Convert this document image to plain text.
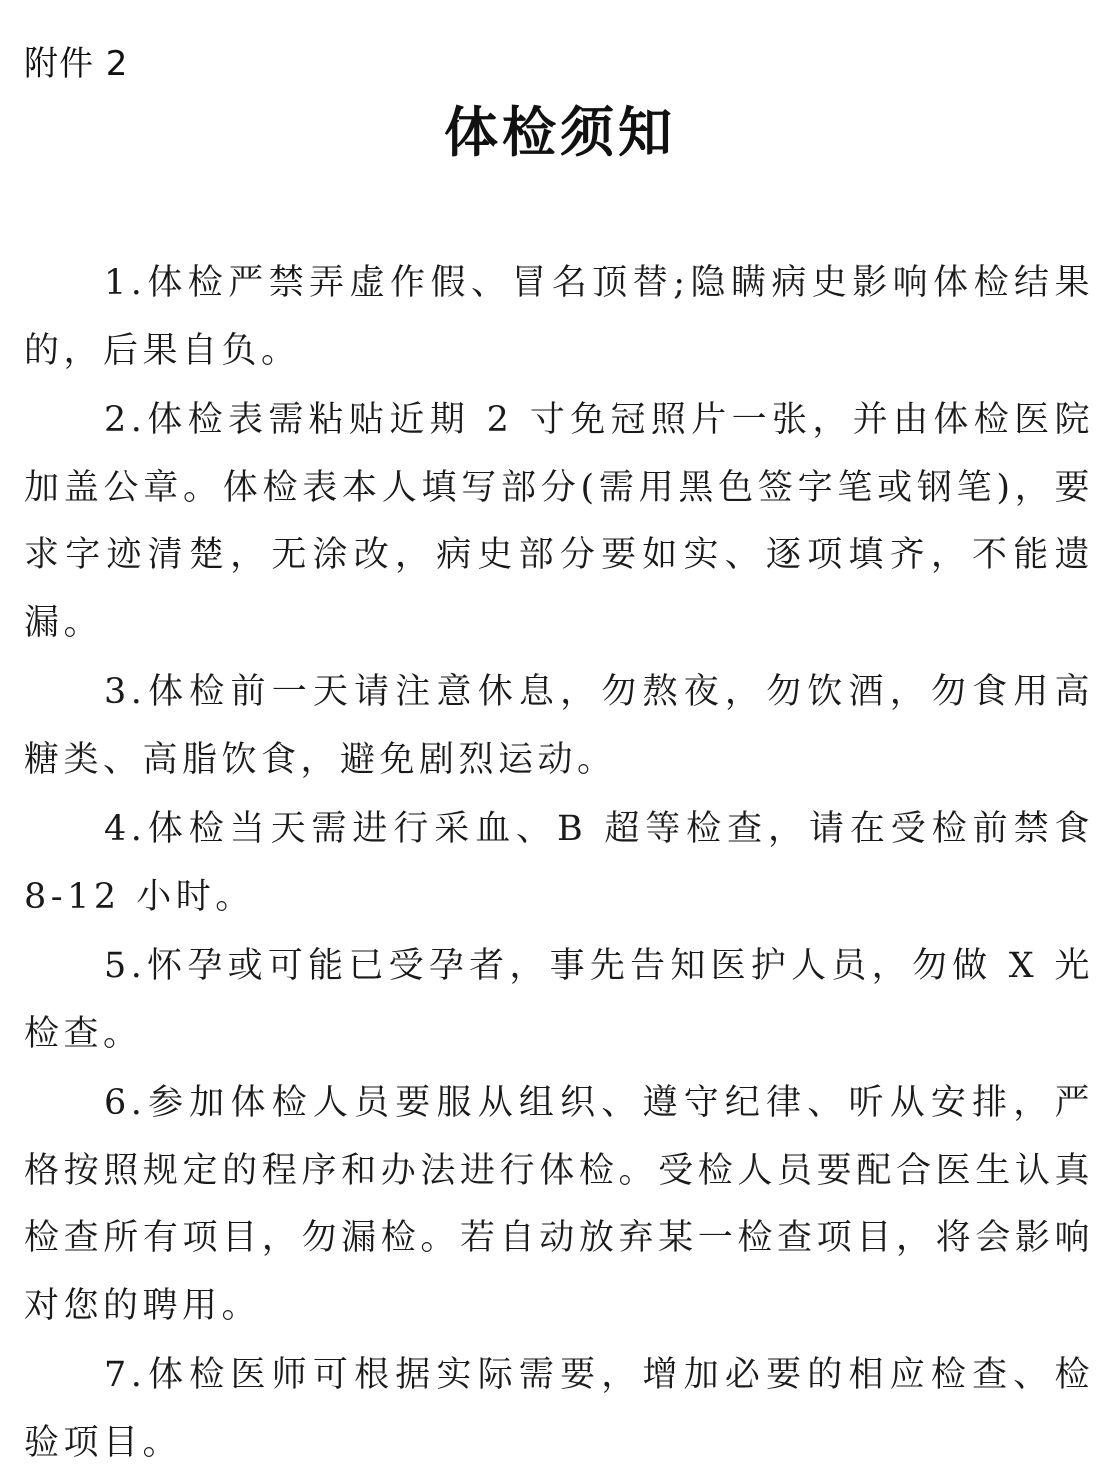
附件 2
体检须知

1.体检严禁弄虚作假、冒名顶替;隐瞒病史影响体检结果的，后果自负。

2.体检表需粘贴近期 2 寸免冠照片一张，并由体检医院加盖公章。体检表本人填写部分(需用黑色签字笔或钢笔)，要求字迹清楚，无涂改，病史部分要如实、逐项填齐，不能遗漏。

3.体检前一天请注意休息，勿熬夜，勿饮酒，勿食用高糖类、高脂饮食，避免剧烈运动。

4.体检当天需进行采血、B 超等检查，请在受检前禁食 8-12 小时。

5.怀孕或可能已受孕者，事先告知医护人员，勿做 X 光检查。

6.参加体检人员要服从组织、遵守纪律、听从安排，严格按照规定的程序和办法进行体检。受检人员要配合医生认真检查所有项目，勿漏检。若自动放弃某一检查项目，将会影响对您的聘用。

7.体检医师可根据实际需要，增加必要的相应检查、检验项目。
